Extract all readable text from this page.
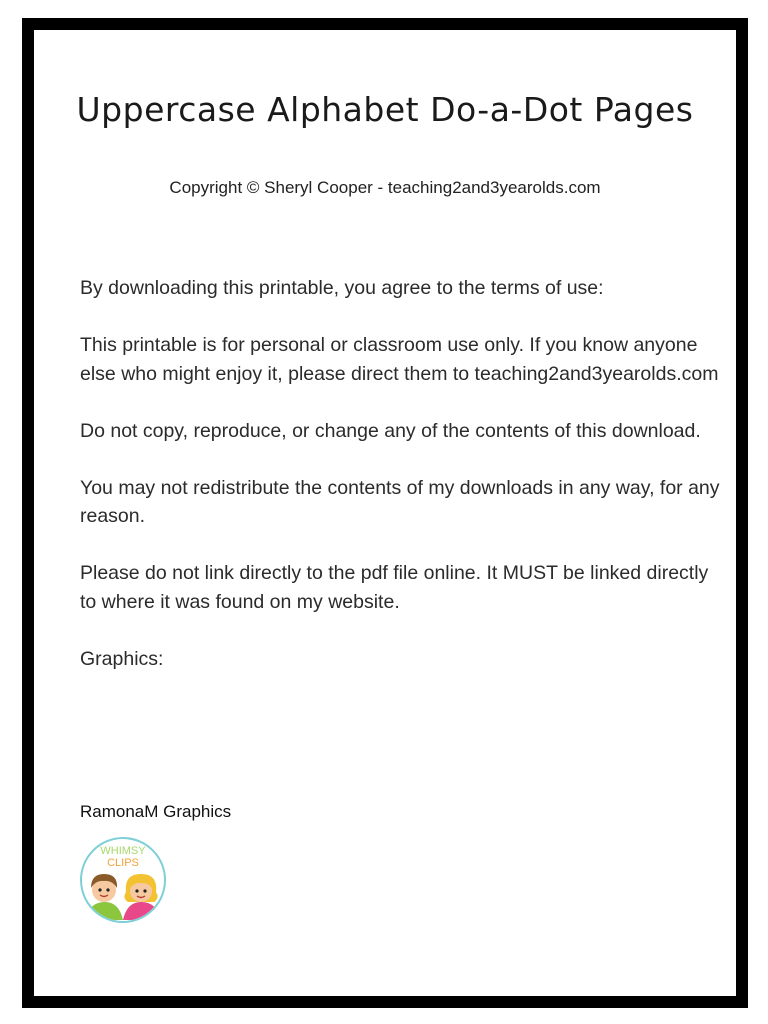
Uppercase Alphabet Do-a-Dot Pages
Copyright © Sheryl Cooper - teaching2and3yearolds.com

By downloading this printable, you agree to the terms of use:

This printable is for personal or classroom use only. If you know anyone else who might enjoy it, please direct them to teaching2and3yearolds.com

Do not copy, reproduce, or change any of the contents of this download.

You may not redistribute the contents of my downloads in any way, for any reason.

Please do not link directly to the pdf file online. It MUST be linked directly to where it was found on my website.

Graphics:

RamonaM Graphics
WHIMSY
CLIPS
